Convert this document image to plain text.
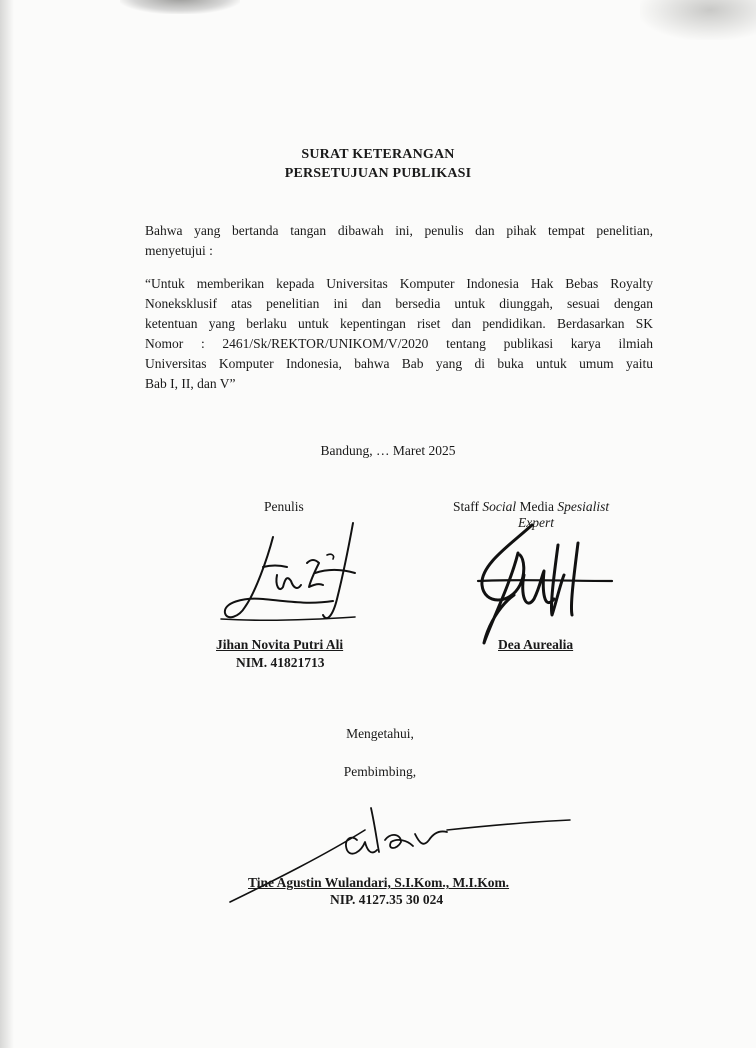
SURAT KETERANGAN
PERSETUJUAN PUBLIKASI
Bahwa yang bertanda tangan dibawah ini, penulis dan pihak tempat penelitian,
menyetujui :
“Untuk memberikan kepada Universitas Komputer Indonesia Hak Bebas Royalty
Noneksklusif atas penelitian ini dan bersedia untuk diunggah, sesuai dengan
ketentuan yang berlaku untuk kepentingan riset dan pendidikan. Berdasarkan SK
Nomor : 2461/Sk/REKTOR/UNIKOM/V/2020 tentang publikasi karya ilmiah
Universitas Komputer Indonesia, bahwa Bab yang di buka untuk umum yaitu
Bab I, II, dan V”
Bandung, … Maret 2025
Penulis
Jihan Novita Putri Ali
NIM. 41821713
Staff Social Media Spesialist
Expert
Dea Aurealia
Mengetahui,
Pembimbing,
Tine Agustin Wulandari, S.I.Kom., M.I.Kom.
NIP. 4127.35 30 024
